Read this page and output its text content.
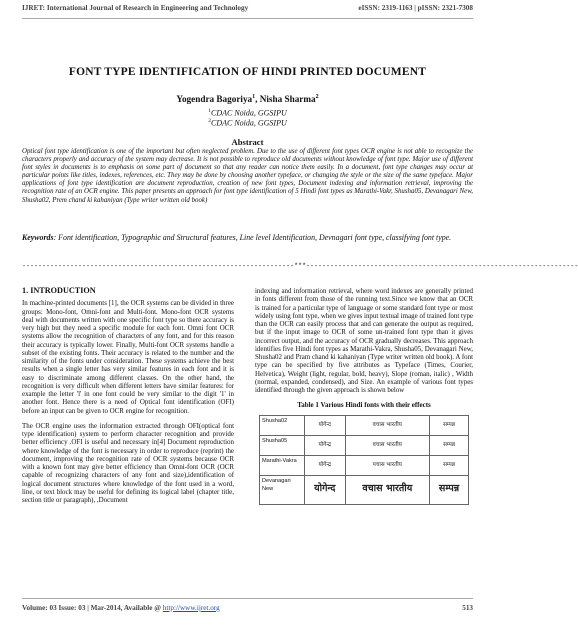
IJRET: International Journal of Research in Engineering and Technology	eISSN: 2319-1163 | pISSN: 2321-7308
FONT TYPE IDENTIFICATION OF HINDI PRINTED DOCUMENT
Yogendra Bagoriya$^1$, Nisha Sharma$^2$
$^1$CDAC Noida, GGSIPU
$^2$CDAC Noida, GGSIPU
Abstract
Optical font type identification is one of the important but often neglected problem. Due to the use of different font types OCR engine is not able to recognize the characters properly and accuracy of the system may decrease. It is not possible to reproduce old documents without knowledge of font type. Major use of different font styles in documents is to emphasis on some part of document so that any reader can notice them easily. In a document, font type changes may occur at particular points like titles, indexes, references, etc. They may be done by choosing another typeface, or changing the style or the size of the same typeface. Major applications of font type identification are document reproduction, creation of new font types, Document indexing and information retrieval, improving the recognition rate of an OCR engine. This paper presents an approach for font type identification of 5 Hindi font types as Marathi-Vakr, Shusha05, Devanagari New, Shusha02, Prem chand ki kahaniyan (Type writer written old book)
Keywords: Font identification, Typographic and Structural features, Line level Identification, Devnagari font type, classifying font type.
--------------------------------------------------------------------***--------------------------------------------------------------------
1. INTRODUCTION

In machine-printed documents [1], the OCR systems can be divided in three groups: Mono-font, Omni-font and Multi-font. Mono-font OCR systems deal with documents written with one specific font type so there accuracy is very high but they need a specific module for each font. Omni font OCR systems allow the recognition of characters of any font, and for this reason their accuracy is typically lower. Finally, Multi-font OCR systems handle a subset of the existing fonts. Their accuracy is related to the number and the similarity of the fonts under consideration. These systems achieve the best results when a single letter has very similar features in each font and it is easy to discriminate among different classes. On the other hand, the recognition is very difficult when different letters have similar features: for example the letter 'l' in one font could be very similar to the digit '1' in another font. Hence there is a need of Optical font identification (OFI) before an input can be given to OCR engine for recognition.

The OCR engine uses the information extracted through OFI(optical font type identification) system to perform character recognition and provide better efficiency .OFI is useful and necessary in[4] Document reproduction where knowledge of the font is necessary in order to reproduce (reprint) the document, improving the recognition rate of OCR systems because OCR with a known font may give better efficiency than Omni-font OCR (OCR capable of recognizing characters of any font and size),identification of logical document structures where knowledge of the font used in a word, line, or text block may be useful for defining its logical label (chapter title, section title or paragraph), ,Document

indexing and information retrieval, where word indexes are generally printed in fonts different from those of the running text.Since we know that an OCR is trained for a particular type of language or some standard font type or most widely using font type, when we gives input textual image of trained font type than the OCR can easily process that and can generate the output as required, but if the input image to OCR of some un-trained font type than it gives incorrect output, and the accuracy of OCR gradually decreases. This approach identifies five Hindi font types as Marathi-Vakra, Shusha05, Devanagari New, Shusha02 and Pram chand ki kahaniyan (Type writer written old book). A font type can be specified by five attributes as Typeface (Times, Courier, Helvetica), Weight (light, regular, bold, heavy), Slope (roman, italic) , Width (normal, expanded, condensed), and Size. An example of various font types identified through the given approach is shown below

Table 1 Various Hindi fonts with their effects
Shusha02	योगेन्द	वचास भारतीय	सम्पन्न
Shusha05	योगेन्द्र	वचास भारतीय	सम्पन्न
Marathi-Vakra	योगेन्द्र	पचास भारतीय	सम्पन्न
Devanagari New	योगेन्द	वचास भारतीय	सम्पन्न
Volume: 03 Issue: 03 | Mar-2014, Available @ http://www.ijret.org	513
